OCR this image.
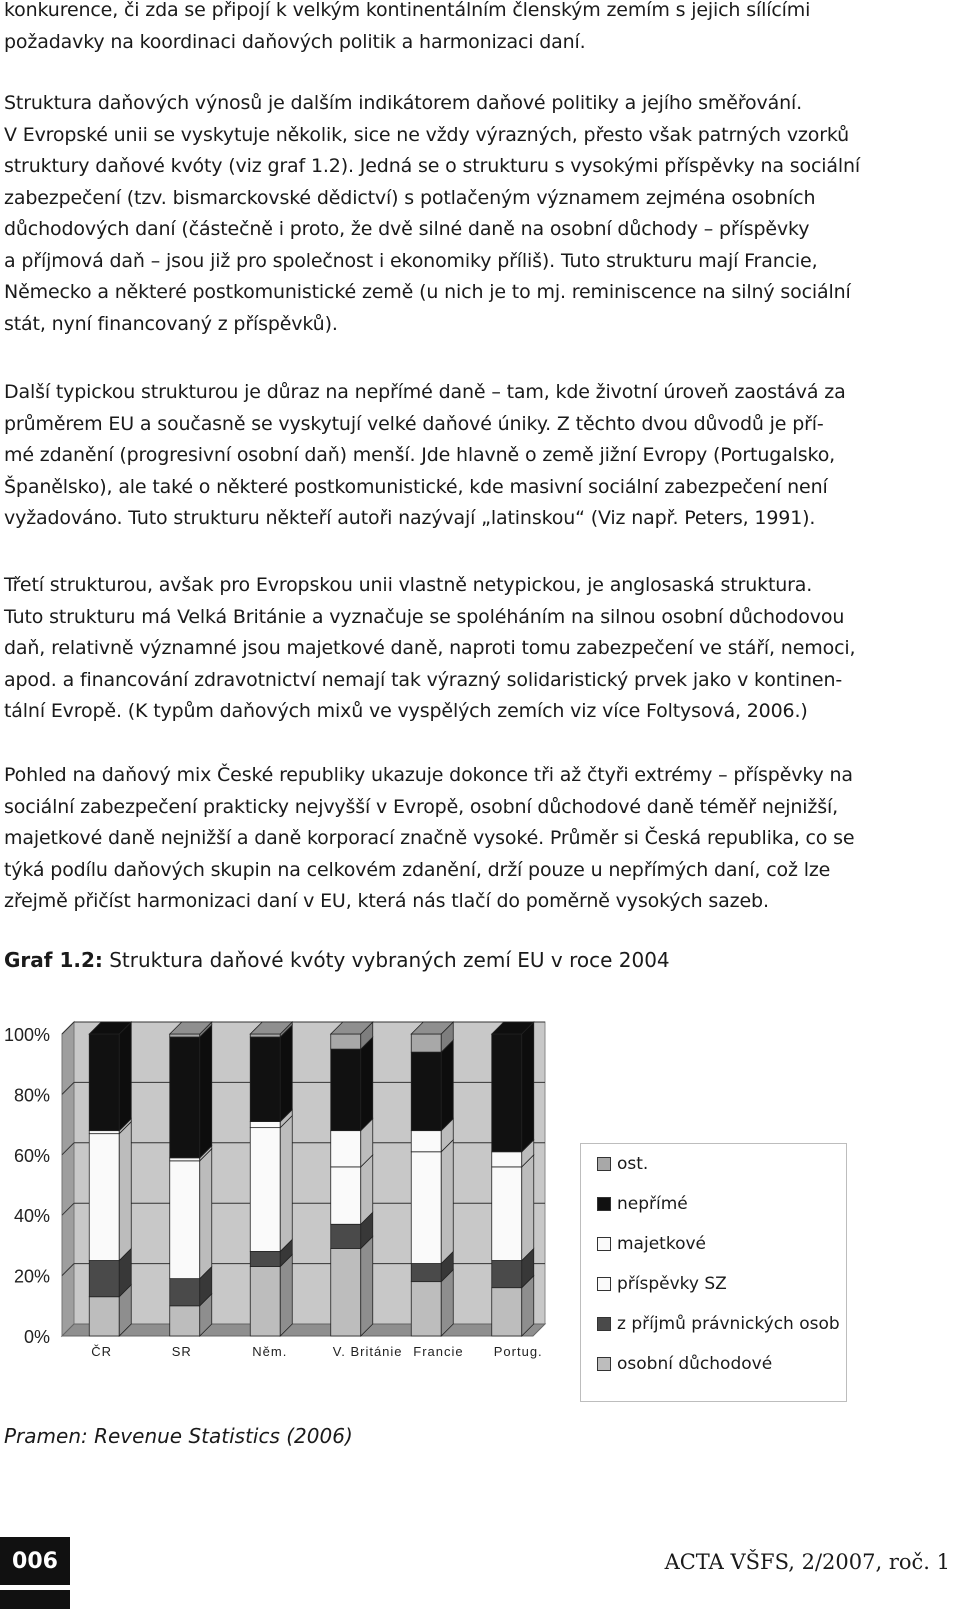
konkurence, či zda se připojí k velkým kontinentálním členským zemím s jejich sílícími
požadavky na koordinaci daňových politik a harmonizaci daní.

Struktura daňových výnosů je dalším indikátorem daňové politiky a jejího směřování.
V Evropské unii se vyskytuje několik, sice ne vždy výrazných, přesto však patrných vzorků
struktury daňové kvóty (viz graf 1.2). Jedná se o strukturu s vysokými příspěvky na sociální
zabezpečení (tzv. bismarckovské dědictví) s potlačeným významem zejména osobních
důchodových daní (částečně i proto, že dvě silné daně na osobní důchody – příspěvky
a příjmová daň – jsou již pro společnost i ekonomiky příliš). Tuto strukturu mají Francie,
Německo a některé postkomunistické země (u nich je to mj. reminiscence na silný sociální
stát, nyní financovaný z příspěvků).

Další typickou strukturou je důraz na nepřímé daně – tam, kde životní úroveň zaostává za
průměrem EU a současně se vyskytují velké daňové úniky. Z těchto dvou důvodů je pří-
mé zdanění (progresivní osobní daň) menší. Jde hlavně o země jižní Evropy (Portugalsko,
Španělsko), ale také o některé postkomunistické, kde masivní sociální zabezpečení není
vyžadováno. Tuto strukturu někteří autoři nazývají „latinskou“ (Viz např. Peters, 1991).

Třetí strukturou, avšak pro Evropskou unii vlastně netypickou, je anglosaská struktura.
Tuto strukturu má Velká Británie a vyznačuje se spoléháním na silnou osobní důchodovou
daň, relativně významné jsou majetkové daně, naproti tomu zabezpečení ve stáří, nemoci,
apod. a financování zdravotnictví nemají tak výrazný solidaristický prvek jako v kontinen-
tální Evropě. (K typům daňových mixů ve vyspělých zemích viz více Foltysová, 2006.)

Pohled na daňový mix České republiky ukazuje dokonce tři až čtyři extrémy – příspěvky na
sociální zabezpečení prakticky nejvyšší v Evropě, osobní důchodové daně téměř nejnižší,
majetkové daně nejnižší a daně korporací značně vysoké. Průměr si Česká republika, co se
týká podílu daňových skupin na celkovém zdanění, drží pouze u nepřímých daní, což lze
zřejmě přičíst harmonizaci daní v EU, která nás tlačí do poměrně vysokých sazeb.

Graf 1.2: Struktura daňové kvóty vybraných zemí EU v roce 2004
0%
20%
40%
60%
80%
100%
ČR	SR	Něm.	V. Británie Francie Portug.
ost.
nepřímé
majetkové
příspěvky SZ
z příjmů právnických osob
osobní důchodové
Pramen: Revenue Statistics (2006)
006	ACTA VŠFS, 2/2007, roč. 1
